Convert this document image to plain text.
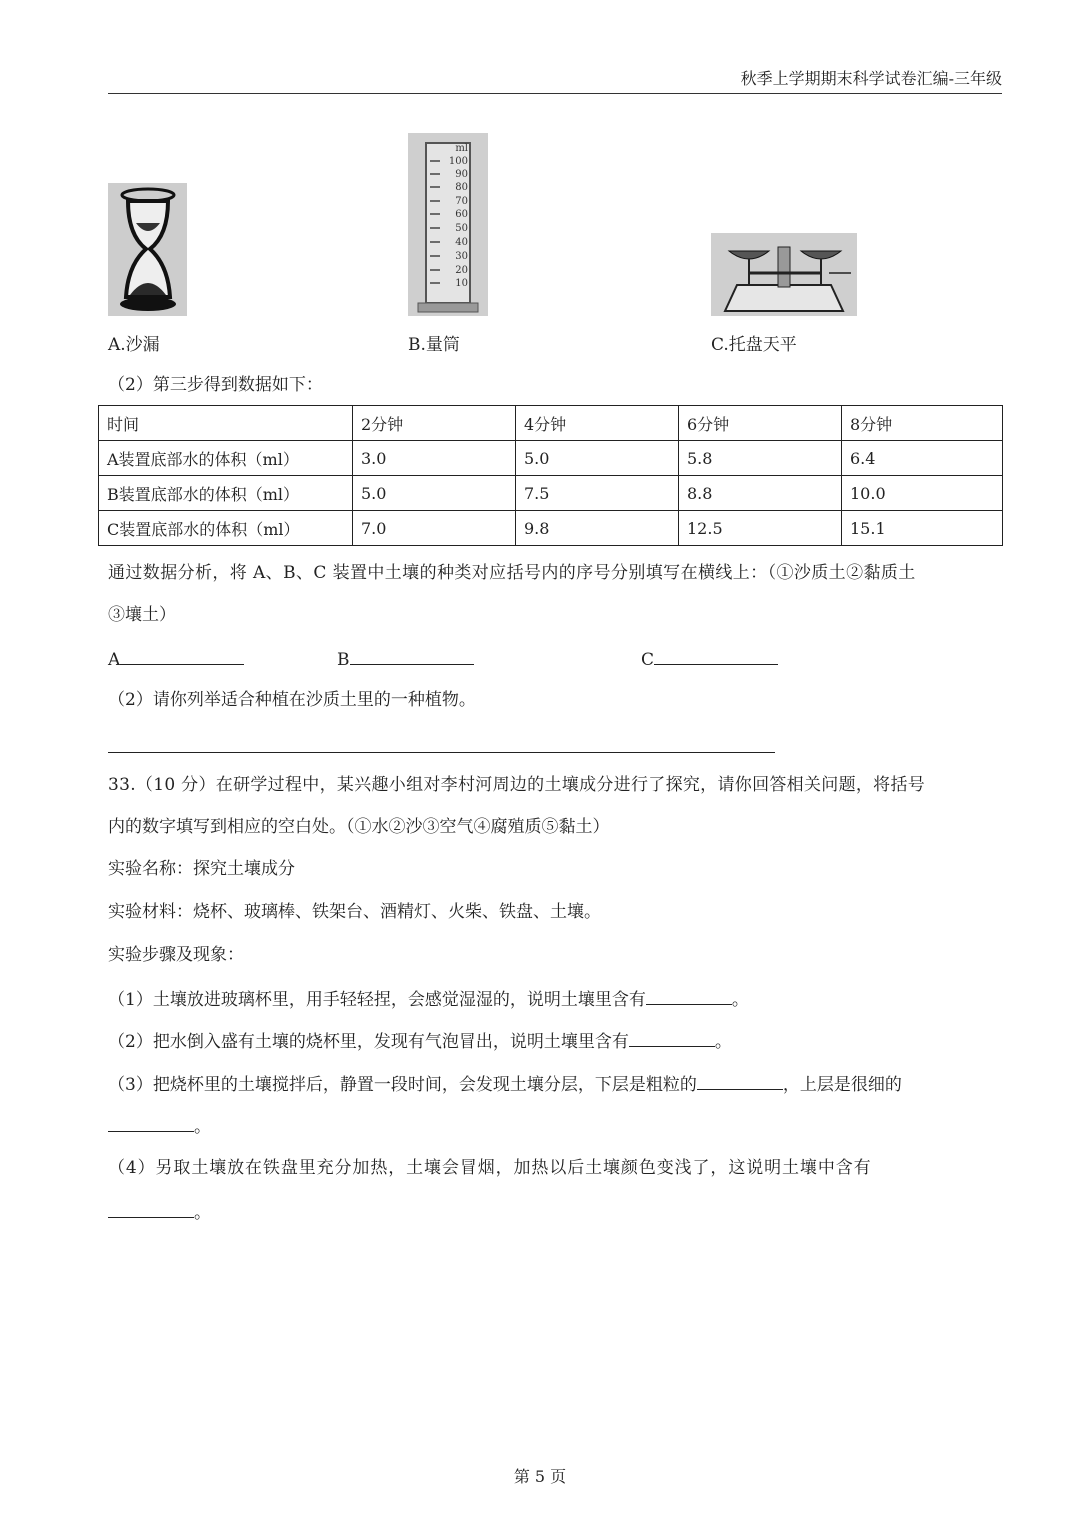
秋季上学期期末科学试卷汇编-三年级
A.沙漏
ml
100
90
80
70
60
50
40
30
20
10
B.量筒	C.托盘天平
（2）第三步得到数据如下：
时间	2分钟	4分钟	6分钟	8分钟
A装置底部水的体积（ml）	3.0	5.0	5.8	6.4
B装置底部水的体积（ml）	5.0	7.5	8.8	10.0
C装置底部水的体积（ml）	7.0	9.8	12.5	15.1
通过数据分析，将 A、B、C 装置中土壤的种类对应括号内的序号分别填写在横线上：（①沙质土②黏质土
③壤土）
A	B	C
（2）请你列举适合种植在沙质土里的一种植物。
33.（10 分）在研学过程中，某兴趣小组对李村河周边的土壤成分进行了探究，请你回答相关问题，将括号
内的数字填写到相应的空白处。（①水②沙③空气④腐殖质⑤黏土）
实验名称：探究土壤成分
实验材料：烧杯、玻璃棒、铁架台、酒精灯、火柴、铁盘、土壤。
实验步骤及现象：
（1）土壤放进玻璃杯里，用手轻轻捏，会感觉湿湿的，说明土壤里含有	。
（2）把水倒入盛有土壤的烧杯里，发现有气泡冒出，说明土壤里含有	。
（3）把烧杯里的土壤搅拌后，静置一段时间，会发现土壤分层，下层是粗粒的	，上层是很细的
。
（4）另取土壤放在铁盘里充分加热，土壤会冒烟，加热以后土壤颜色变浅了，这说明土壤中含有
。
第 5 页
